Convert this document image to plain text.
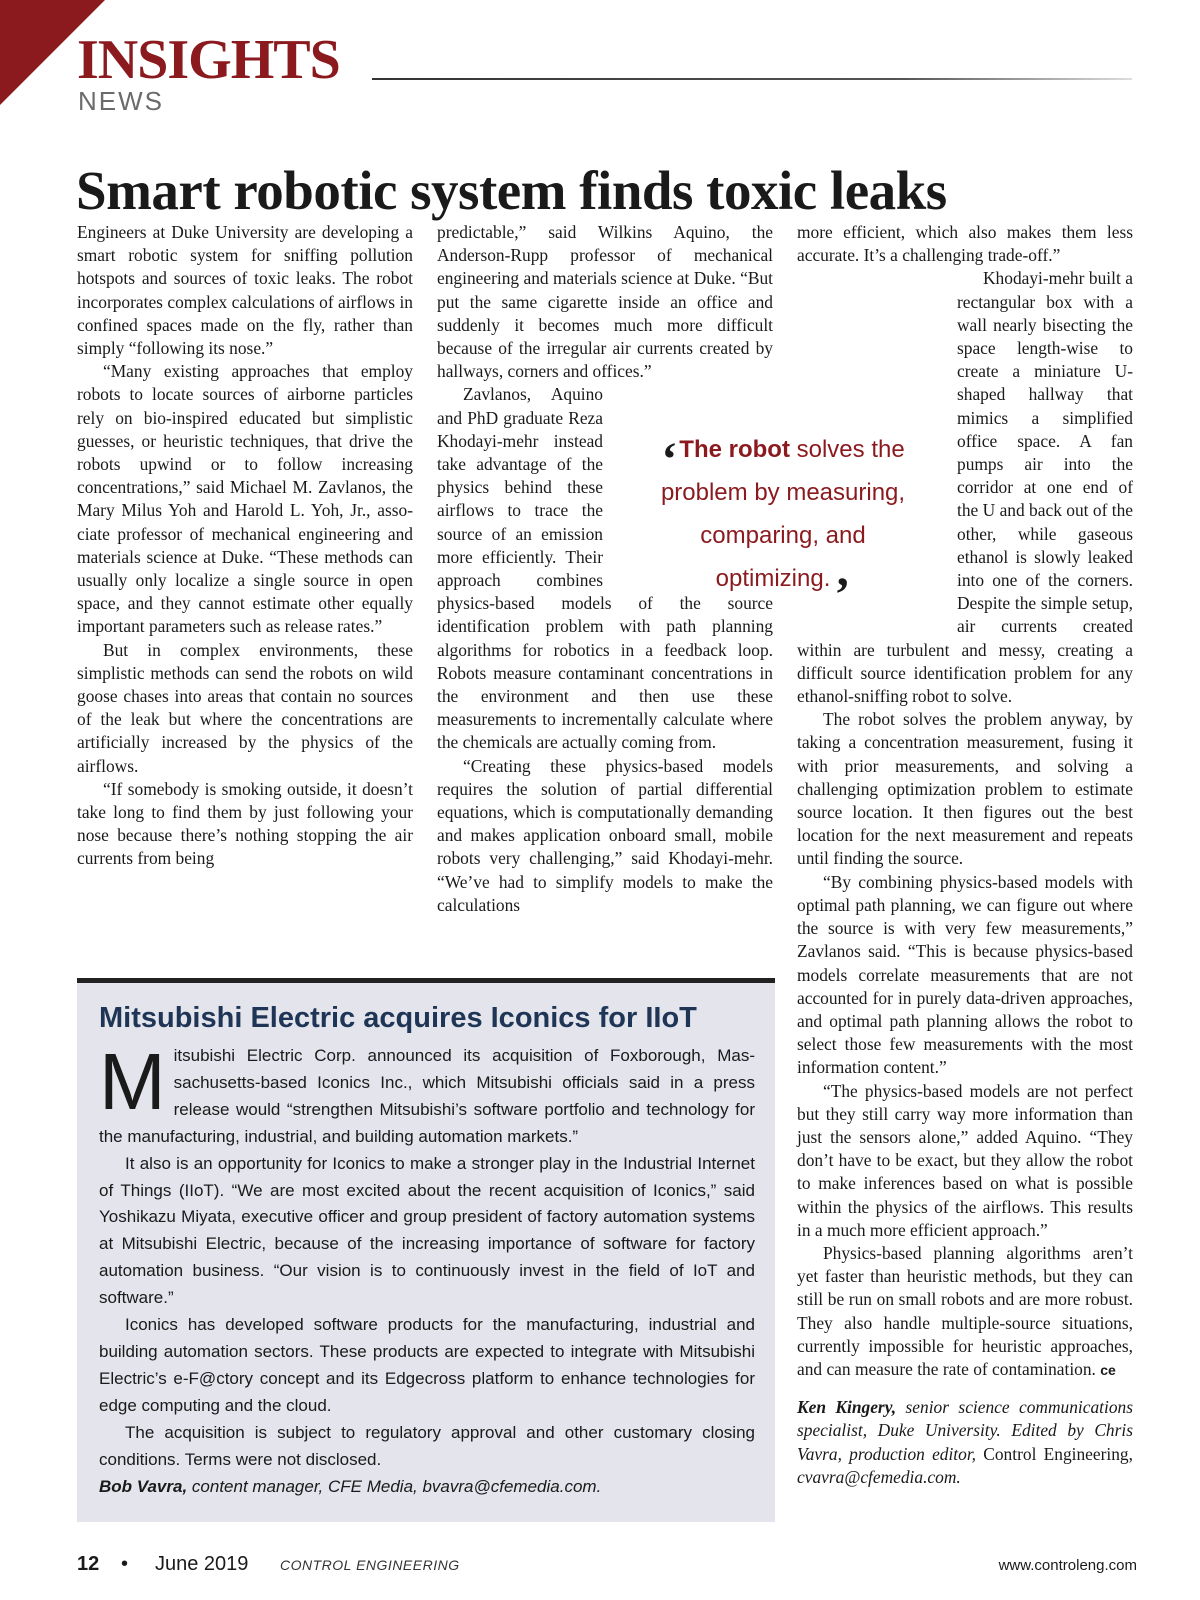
INSIGHTS
NEWS
Smart robotic system finds toxic leaks

Engineers at Duke University are developing a smart robotic system for sniffing pollution hotspots and sources of toxic leaks. The robot incorporates complex calculations of airflows in confined spaces made on the fly, rather than simply “following its nose.”

“Many existing approaches that employ robots to locate sources of airborne particles rely on bio-inspired educated but simplistic guesses, or heuristic techniques, that drive the robots upwind or to follow increasing concentrations,” said Michael M. Zavlanos, the Mary Milus Yoh and Harold L. Yoh, Jr., associate professor of mechanical engineering and materials science at Duke. “These methods can usually only localize a single source in open space, and they cannot estimate other equally important parameters such as release rates.”

But in complex environments, these simplistic methods can send the robots on wild goose chases into areas that contain no sources of the leak but where the concentrations are artificially increased by the physics of the airflows.

“If somebody is smoking outside, it doesn’t take long to find them by just following your nose because there’s nothing stopping the air currents from being

predictable,” said Wilkins Aquino, the Anderson-Rupp professor of mechanical engineering and materials science at Duke. “But put the same cigarette inside an office and suddenly it becomes much more difficult because of the irregular air currents created by hallways, corners and offices.”

Zavlanos, Aquino and PhD graduate Reza Khodayi-mehr instead take advantage of the physics behind these airflows to trace the source of an emission more efficiently. Their approach combines physics-based models of the source identification problem with path planning algorithms for robotics in a feedback loop. Robots measure contaminant concentrations in the environment and then use these measurements to incrementally calculate where the chemicals are actually coming from.

“Creating these physics-based models requires the solution of partial differential equations, which is computationally demanding and makes application onboard small, mobile robots very challenging,” said Khodayi-mehr. “We’ve had to simplify models to make the calculations

more efficient, which also makes them less accurate. It’s a challenging trade-off.”

Khodayi-mehr built a rectangular box with a wall nearly bisecting the space length-wise to create a miniature U-shaped hallway that mimics a simplified office space. A fan pumps air into the corridor at one end of the U and back out of the other, while gaseous ethanol is slowly leaked into one of the corners. Despite the simple setup, air currents created within are turbulent and messy, creating a difficult source identification problem for any ethanol-sniffing robot to solve.

The robot solves the problem anyway, by taking a concentration measurement, fusing it with prior measurements, and solving a challenging optimization problem to estimate source location. It then figures out the best location for the next measurement and repeats until finding the source.

“By combining physics-based models with optimal path planning, we can figure out where the source is with very few measurements,” Zavlanos said. “This is because physics-based models correlate measurements that are not accounted for in purely data-driven approaches, and optimal path planning allows the robot to select those few measurements with the most information content.”

“The physics-based models are not perfect but they still carry way more information than just the sensors alone,” added Aquino. “They don’t have to be exact, but they allow the robot to make inferences based on what is possible within the physics of the airflows. This results in a much more efficient approach.”

Physics-based planning algorithms aren’t yet faster than heuristic methods, but they can still be run on small robots and are more robust. They also handle multiple-source situations, currently impossible for heuristic approaches, and can measure the rate of contamination. ce

Ken Kingery, senior science communications specialist, Duke University. Edited by Chris Vavra, production editor, Control Engineering, cvavra@cfemedia.com.

‘The robot solves the problem by measuring, comparing, and optimizing.’
Mitsubishi Electric acquires Iconics for IIoT

Mitsubishi Electric Corp. announced its acquisition of Foxborough, Massachusetts-based Iconics Inc., which Mitsubishi officials said in a press release would “strengthen Mitsubishi’s software portfolio and technology for the manufacturing, industrial, and building automation markets.”

It also is an opportunity for Iconics to make a stronger play in the Industrial Internet of Things (IIoT). “We are most excited about the recent acquisition of Iconics,” said Yoshikazu Miyata, executive officer and group president of factory automation systems at Mitsubishi Electric, because of the increasing importance of software for factory automation business. “Our vision is to continuously invest in the field of IoT and software.”

Iconics has developed software products for the manufacturing, industrial and building automation sectors. These products are expected to integrate with Mitsubishi Electric’s e-F@ctory concept and its Edgecross platform to enhance technologies for edge computing and the cloud.

The acquisition is subject to regulatory approval and other customary closing conditions. Terms were not disclosed.

Bob Vavra, content manager, CFE Media, bvavra@cfemedia.com.

12 • June 2019 CONTROL ENGINEERING	www.controleng.com
